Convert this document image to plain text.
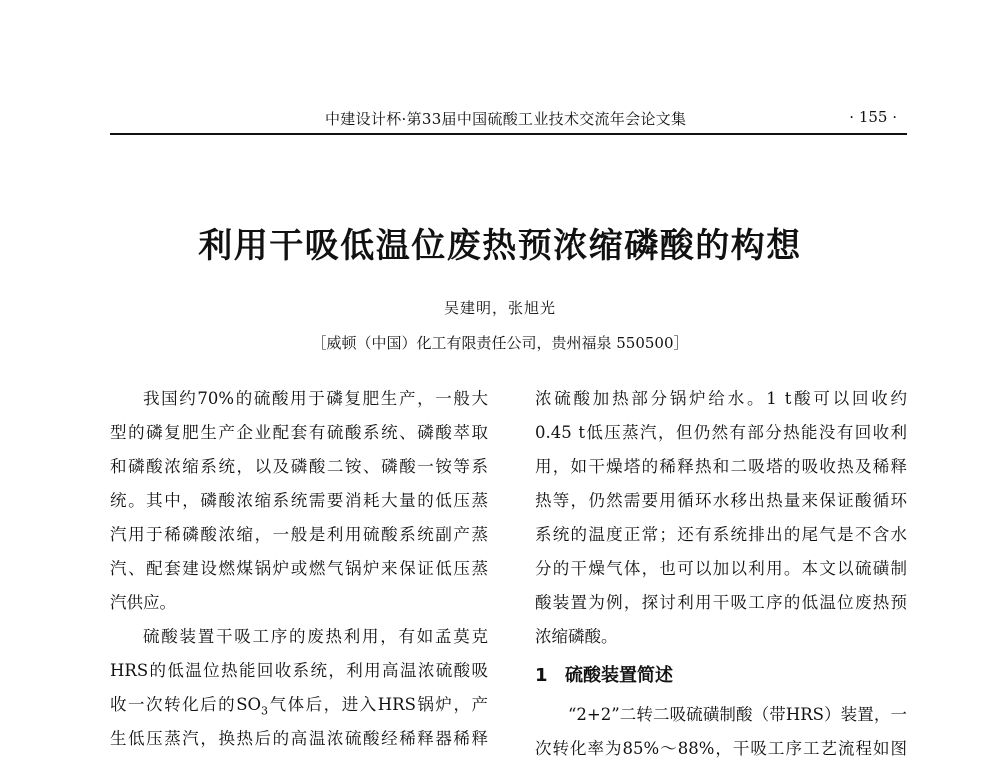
中建设计杯·第33届中国硫酸工业技术交流年会论文集	· 155 ·
利用干吸低温位废热预浓缩磷酸的构想
吴建明，张旭光
［威顿（中国）化工有限责任公司，贵州福泉 550500］
我国约70%的硫酸用于磷复肥生产，一般大
型的磷复肥生产企业配套有硫酸系统、磷酸萃取
和磷酸浓缩系统，以及磷酸二铵、磷酸一铵等系
统。其中，磷酸浓缩系统需要消耗大量的低压蒸
汽用于稀磷酸浓缩，一般是利用硫酸系统副产蒸
汽、配套建设燃煤锅炉或燃气锅炉来保证低压蒸
汽供应。
硫酸装置干吸工序的废热利用，有如孟莫克
HRS的低温位热能回收系统，利用高温浓硫酸吸
收一次转化后的$SO_3$气体后，进入HRS锅炉，产
生低压蒸汽，换热后的高温浓硫酸经稀释器稀释
浓硫酸加热部分锅炉给水。1 t酸可以回收约
0.45 t低压蒸汽，但仍然有部分热能没有回收利
用，如干燥塔的稀释热和二吸塔的吸收热及稀释
热等，仍然需要用循环水移出热量来保证酸循环
系统的温度正常；还有系统排出的尾气是不含水
分的干燥气体，也可以加以利用。本文以硫磺制
酸装置为例，探讨利用干吸工序的低温位废热预
浓缩磷酸。
1 硫酸装置简述
“2+2”二转二吸硫磺制酸（带HRS）装置，一
次转化率为85%～88%，干吸工序工艺流程如图
